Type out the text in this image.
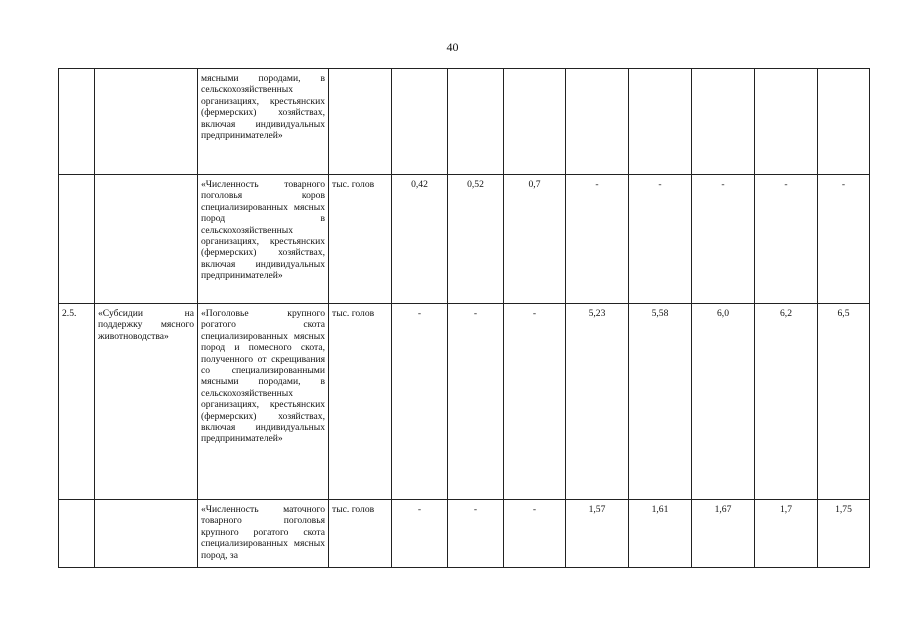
40
		мясными породами, в сельскохозяйственных организациях, крестьянских (фермерских) хозяйствах, включая индивидуальных предпринимателей»									
		«Численность товарного поголовья коров специализированных мясных пород в сельскохозяйственных организациях, крестьянских (фермерских) хозяйствах, включая индивидуальных предпринимателей»	тыс. голов	0,42	0,52	0,7	-	-	-	-	-
2.5.	«Субсидии на поддержку мясного животноводства»	«Поголовье крупного рогатого скота специализированных мясных пород и помесного скота, полученного от скрещивания со специализированными мясными породами, в сельскохозяйственных организациях, крестьянских (фермерских) хозяйствах, включая индивидуальных предпринимателей»	тыс. голов	-	-	-	5,23	5,58	6,0	6,2	6,5
		«Численность маточного товарного поголовья крупного рогатого скота специализированных мясных пород, за	тыс. голов	-	-	-	1,57	1,61	1,67	1,7	1,75
